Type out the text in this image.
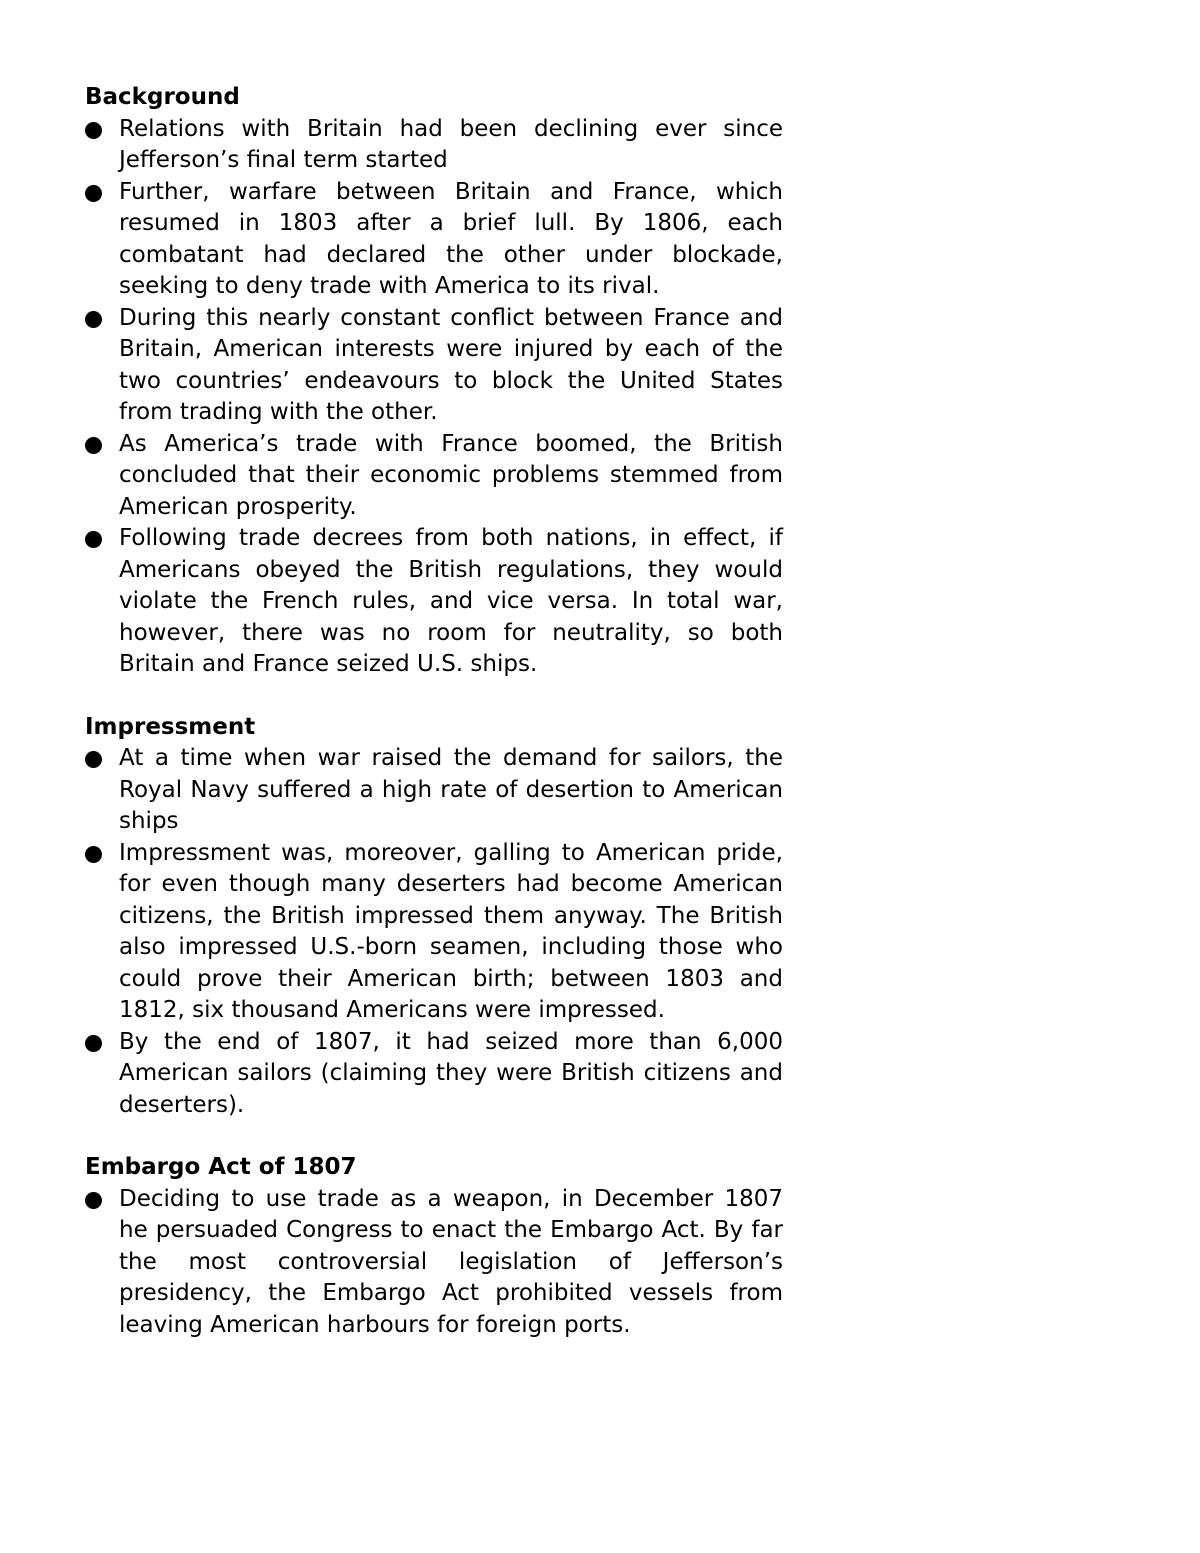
Background
Relations with Britain had been declining ever since Jefferson’s final term started
Further, warfare between Britain and France, which resumed in 1803 after a brief lull. By 1806, each combatant had declared the other under blockade, seeking to deny trade with America to its rival.
During this nearly constant conflict between France and Britain, American interests were injured by each of the two countries’ endeavours to block the United States from trading with the other.
As America’s trade with France boomed, the British concluded that their economic problems stemmed from American prosperity.
Following trade decrees from both nations, in effect, if Americans obeyed the British regulations, they would violate the French rules, and vice versa. In total war, however, there was no room for neutrality, so both Britain and France seized U.S. ships.
Impressment
At a time when war raised the demand for sailors, the Royal Navy suffered a high rate of desertion to American ships
Impressment was, moreover, galling to American pride, for even though many deserters had become American citizens, the British impressed them anyway. The British also impressed U.S.-born seamen, including those who could prove their American birth; between 1803 and 1812, six thousand Americans were impressed.
By the end of 1807, it had seized more than 6,000 American sailors (claiming they were British citizens and deserters).
Embargo Act of 1807
Deciding to use trade as a weapon, in December 1807 he persuaded Congress to enact the Embargo Act. By far the most controversial legislation of Jefferson’s presidency, the Embargo Act prohibited vessels from leaving American harbours for foreign ports.
